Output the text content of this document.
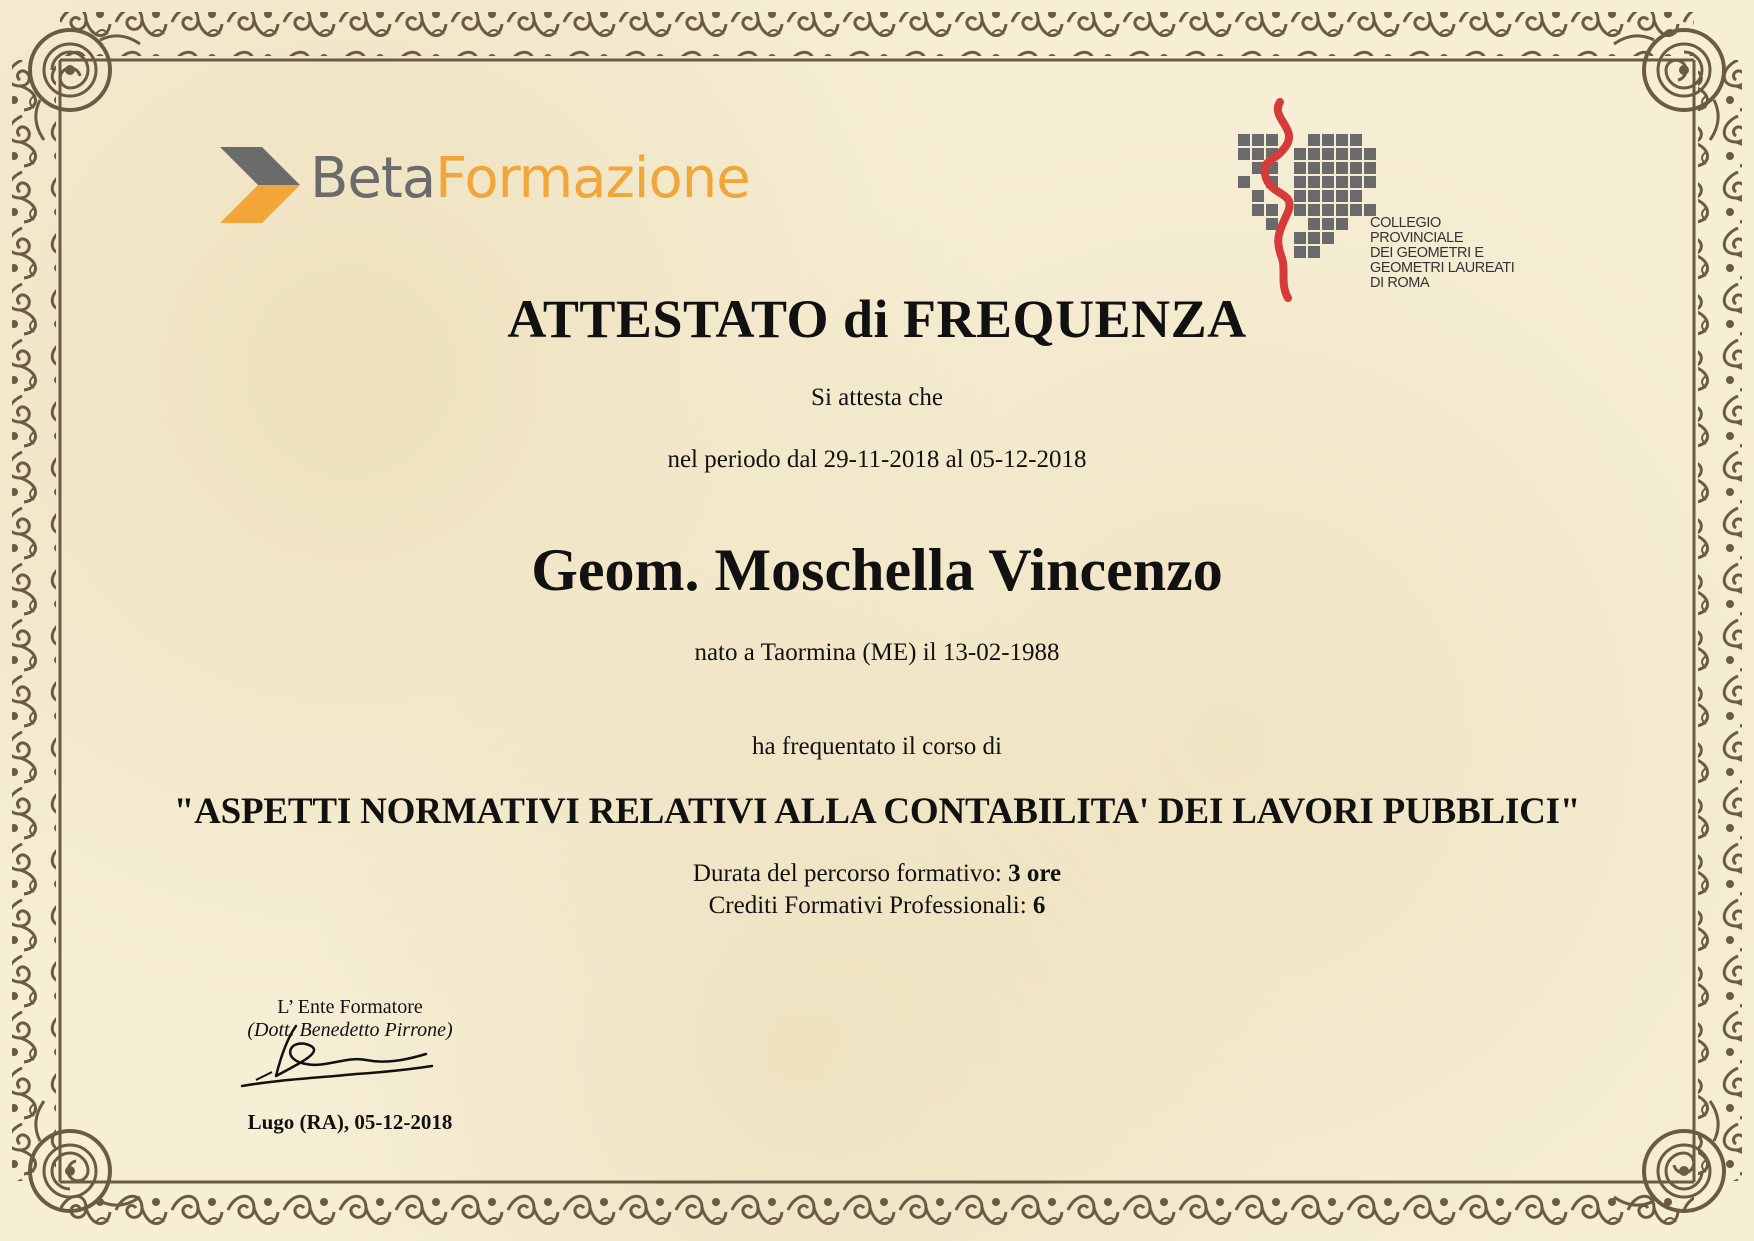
BetaFormazione
COLLEGIO
PROVINCIALE
DEI GEOMETRI E
GEOMETRI LAUREATI
DI ROMA
ATTESTATO di FREQUENZA
Si attesta che
nel periodo dal 29-11-2018 al 05-12-2018
Geom. Moschella Vincenzo
nato a Taormina (ME) il 13-02-1988
ha frequentato il corso di
"ASPETTI NORMATIVI RELATIVI ALLA CONTABILITA' DEI LAVORI PUBBLICI"
Durata del percorso formativo: 3 ore
Crediti Formativi Professionali: 6
L’ Ente Formatore
(Dott. Benedetto Pirrone)
Lugo (RA), 05-12-2018
